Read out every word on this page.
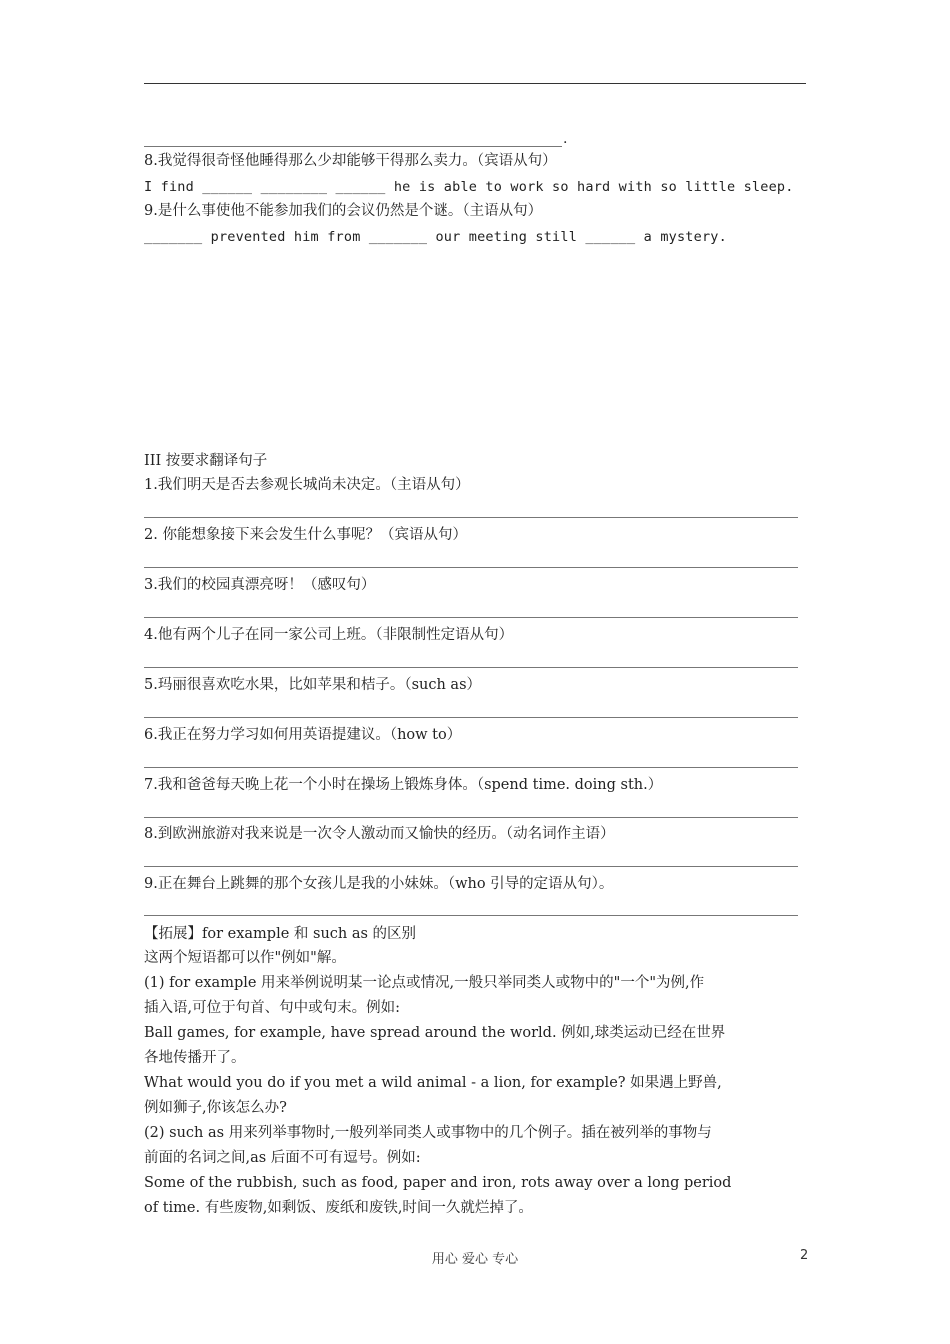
.
8.我觉得很奇怪他睡得那么少却能够干得那么卖力。（宾语从句）
I find ______ ________ ______ he is able to work so hard with so little sleep.
9.是什么事使他不能参加我们的会议仍然是个谜。（主语从句）
_______ prevented him from _______ our meeting still ______ a mystery.
III 按要求翻译句子
1.我们明天是否去参观长城尚未决定。（主语从句）
2. 你能想象接下来会发生什么事呢？（宾语从句）
3.我们的校园真漂亮呀！（感叹句）
4.他有两个儿子在同一家公司上班。（非限制性定语从句）
5.玛丽很喜欢吃水果，比如苹果和桔子。（such as）
6.我正在努力学习如何用英语提建议。（how to）
7.我和爸爸每天晚上花一个小时在操场上锻炼身体。（spend time. doing sth.）
8.到欧洲旅游对我来说是一次令人激动而又愉快的经历。（动名词作主语）
9.正在舞台上跳舞的那个女孩儿是我的小妹妹。（who 引导的定语从句）。
【拓展】for example 和 such as 的区别
这两个短语都可以作"例如"解。
(1) for example 用来举例说明某一论点或情况,一般只举同类人或物中的"一个"为例,作
插入语,可位于句首、句中或句末。例如:
Ball games, for example, have spread around the world. 例如,球类运动已经在世界
各地传播开了。
What would you do if you met a wild animal - a lion, for example? 如果遇上野兽,
例如狮子,你该怎么办?
(2) such as 用来列举事物时,一般列举同类人或事物中的几个例子。插在被列举的事物与
前面的名词之间,as 后面不可有逗号。例如:
Some of the rubbish, such as food, paper and iron, rots away over a long period
of time. 有些废物,如剩饭、废纸和废铁,时间一久就烂掉了。
用心 爱心 专心	2
